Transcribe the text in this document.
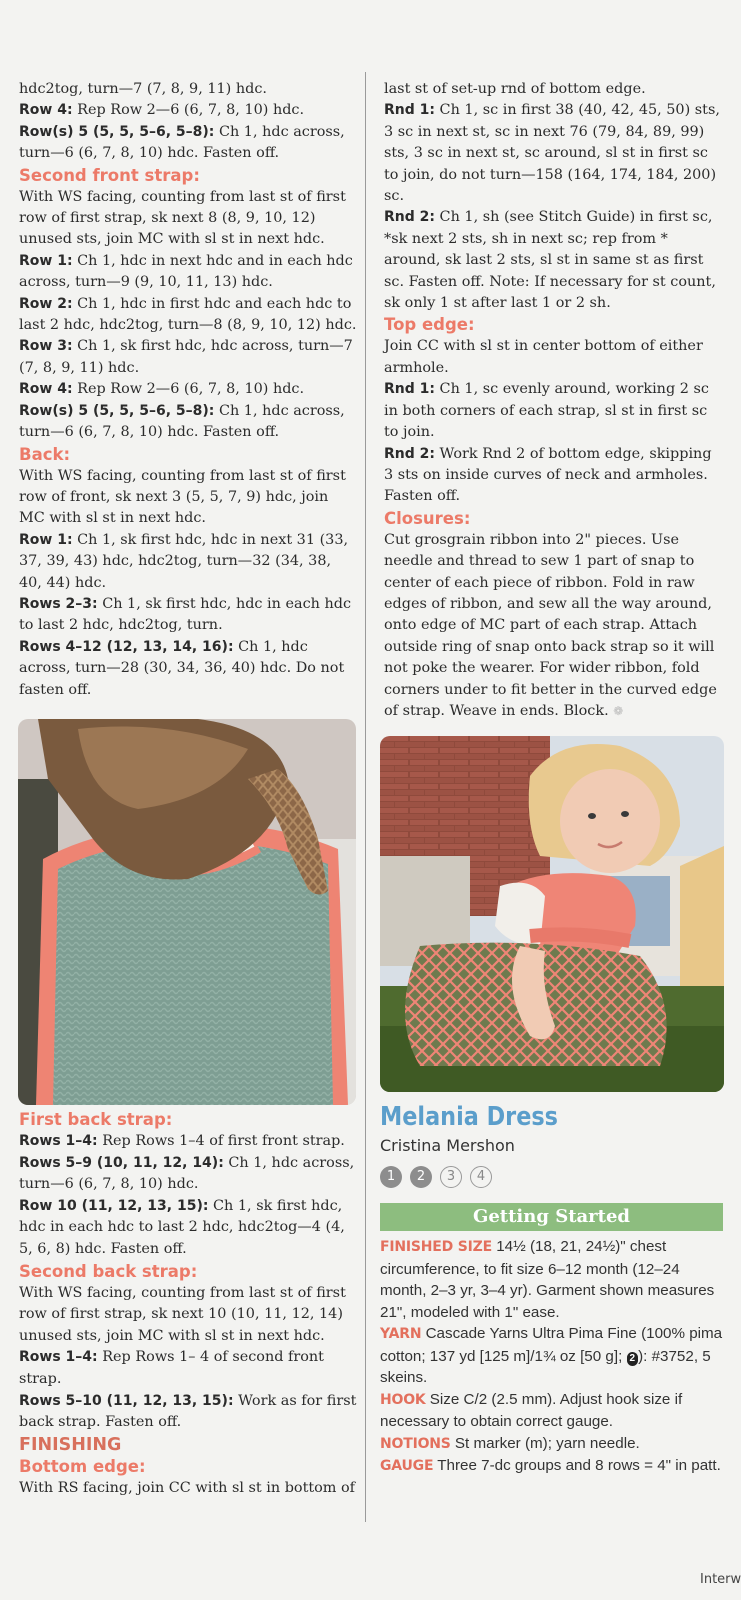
hdc2tog, turn—7 (7, 8, 9, 11) hdc.

Row 4: Rep Row 2—6 (6, 7, 8, 10) hdc.

Row(s) 5 (5, 5, 5–6, 5–8): Ch 1, hdc across, turn—6 (6, 7, 8, 10) hdc. Fasten off.

Second front strap:

With WS facing, counting from last st of first row of first strap, sk next 8 (8, 9, 10, 12) unused sts, join MC with sl st in next hdc.

Row 1: Ch 1, hdc in next hdc and in each hdc across, turn—9 (9, 10, 11, 13) hdc.

Row 2: Ch 1, hdc in first hdc and each hdc to last 2 hdc, hdc2tog, turn—8 (8, 9, 10, 12) hdc.

Row 3: Ch 1, sk first hdc, hdc across, turn—7 (7, 8, 9, 11) hdc.

Row 4: Rep Row 2—6 (6, 7, 8, 10) hdc.

Row(s) 5 (5, 5, 5–6, 5–8): Ch 1, hdc across, turn—6 (6, 7, 8, 10) hdc. Fasten off.

Back:

With WS facing, counting from last st of first row of front, sk next 3 (5, 5, 7, 9) hdc, join MC with sl st in next hdc.

Row 1: Ch 1, sk first hdc, hdc in next 31 (33, 37, 39, 43) hdc, hdc2tog, turn—32 (34, 38, 40, 44) hdc.

Rows 2–3: Ch 1, sk first hdc, hdc in each hdc to last 2 hdc, hdc2tog, turn.

Rows 4–12 (12, 13, 14, 16): Ch 1, hdc across, turn—28 (30, 34, 36, 40) hdc. Do not fasten off.

First back strap:

Rows 1–4: Rep Rows 1–4 of first front strap.

Rows 5–9 (10, 11, 12, 14): Ch 1, hdc across, turn—6 (6, 7, 8, 10) hdc.

Row 10 (11, 12, 13, 15): Ch 1, sk first hdc, hdc in each hdc to last 2 hdc, hdc2tog—4 (4, 5, 6, 8) hdc. Fasten off.

Second back strap:

With WS facing, counting from last st of first row of first strap, sk next 10 (10, 11, 12, 14) unused sts, join MC with sl st in next hdc.

Rows 1–4: Rep Rows 1– 4 of second front strap.

Rows 5–10 (11, 12, 13, 15): Work as for first back strap. Fasten off.

FINISHING

Bottom edge:

With RS facing, join CC with sl st in bottom of

last st of set-up rnd of bottom edge.

Rnd 1: Ch 1, sc in first 38 (40, 42, 45, 50) sts, 3 sc in next st, sc in next 76 (79, 84, 89, 99) sts, 3 sc in next st, sc around, sl st in first sc to join, do not turn—158 (164, 174, 184, 200) sc.

Rnd 2: Ch 1, sh (see Stitch Guide) in first sc, *sk next 2 sts, sh in next sc; rep from * around, sk last 2 sts, sl st in same st as first sc. Fasten off. Note: If necessary for st count, sk only 1 st after last 1 or 2 sh.

Top edge:

Join CC with sl st in center bottom of either armhole.

Rnd 1: Ch 1, sc evenly around, working 2 sc in both corners of each strap, sl st in first sc to join.

Rnd 2: Work Rnd 2 of bottom edge, skipping 3 sts on inside curves of neck and armholes. Fasten off.

Closures:

Cut grosgrain ribbon into 2" pieces. Use needle and thread to sew 1 part of snap to center of each piece of ribbon. Fold in raw edges of ribbon, and sew all the way around, onto edge of MC part of each strap. Attach outside ring of snap onto back strap so it will not poke the wearer. For wider ribbon, fold corners under to fit better in the curved edge of strap. Weave in ends. Block. ❁

Melania Dress
Cristina Mershon
1 2 3 4
Getting Started

FINISHED SIZE 14½ (18, 21, 24½)" chest circumference, to fit size 6–12 month (12–24 month, 2–3 yr, 3–4 yr). Garment shown measures 21", modeled with 1" ease.

YARN Cascade Yarns Ultra Pima Fine (100% pima cotton; 137 yd [125 m]/1¾ oz [50 g]; 2 ): #3752, 5 skeins.

HOOK Size C/2 (2.5 mm). Adjust hook size if necessary to obtain correct gauge.

NOTIONS St marker (m); yarn needle.

GAUGE Three 7-dc groups and 8 rows = 4" in patt.

Interw
